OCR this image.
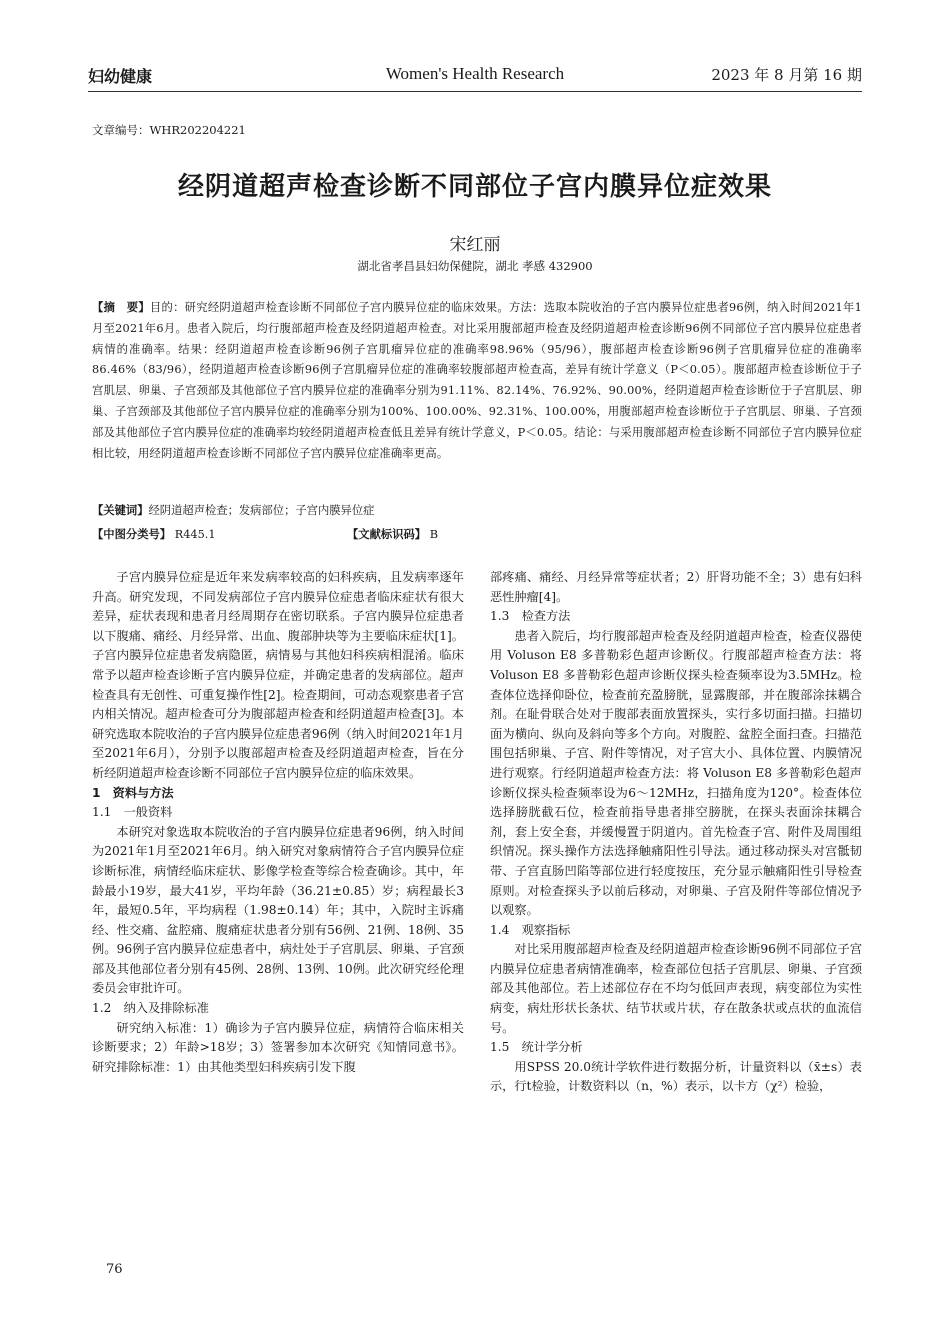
妇幼健康	Women's Health Research	2023 年 8 月第 16 期
文章编号：WHR202204221
经阴道超声检查诊断不同部位子宫内膜异位症效果
宋红丽
湖北省孝昌县妇幼保健院，湖北 孝感 432900
【摘　要】目的：研究经阴道超声检查诊断不同部位子宫内膜异位症的临床效果。方法：选取本院收治的子宫内膜异位症患者96例，纳入时间2021年1月至2021年6月。患者入院后，均行腹部超声检查及经阴道超声检查。对比采用腹部超声检查及经阴道超声检查诊断96例不同部位子宫内膜异位症患者病情的准确率。结果：经阴道超声检查诊断96例子宫肌瘤异位症的准确率98.96%（95/96），腹部超声检查诊断96例子宫肌瘤异位症的准确率86.46%（83/96），经阴道超声检查诊断96例子宫肌瘤异位症的准确率较腹部超声检查高，差异有统计学意义（P＜0.05）。腹部超声检查诊断位于子宫肌层、卵巢、子宫颈部及其他部位子宫内膜异位症的准确率分别为91.11%、82.14%、76.92%、90.00%，经阴道超声检查诊断位于子宫肌层、卵巢、子宫颈部及其他部位子宫内膜异位症的准确率分别为100%、100.00%、92.31%、100.00%，用腹部超声检查诊断位于子宫肌层、卵巢、子宫颈部及其他部位子宫内膜异位症的准确率均较经阴道超声检查低且差异有统计学意义，P＜0.05。结论：与采用腹部超声检查诊断不同部位子宫内膜异位症相比较，用经阴道超声检查诊断不同部位子宫内膜异位症准确率更高。
【关键词】经阴道超声检查；发病部位；子宫内膜异位症
【中图分类号】 R445.1	【文献标识码】 B

子宫内膜异位症是近年来发病率较高的妇科疾病，且发病率逐年升高。研究发现，不同发病部位子宫内膜异位症患者临床症状有很大差异，症状表现和患者月经周期存在密切联系。子宫内膜异位症患者以下腹痛、痛经、月经异常、出血、腹部肿块等为主要临床症状[1]。子宫内膜异位症患者发病隐匿，病情易与其他妇科疾病相混淆。临床常予以超声检查诊断子宫内膜异位症，并确定患者的发病部位。超声检查具有无创性、可重复操作性[2]。检查期间，可动态观察患者子宫内相关情况。超声检查可分为腹部超声检查和经阴道超声检查[3]。本研究选取本院收治的子宫内膜异位症患者96例（纳入时间2021年1月至2021年6月），分别予以腹部超声检查及经阴道超声检查，旨在分析经阴道超声检查诊断不同部位子宫内膜异位症的临床效果。

1　资料与方法

1.1　一般资料

本研究对象选取本院收治的子宫内膜异位症患者96例，纳入时间为2021年1月至2021年6月。纳入研究对象病情符合子宫内膜异位症诊断标准，病情经临床症状、影像学检查等综合检查确诊。其中，年龄最小19岁，最大41岁，平均年龄（36.21±0.85）岁；病程最长3年，最短0.5年，平均病程（1.98±0.14）年；其中，入院时主诉痛经、性交痛、盆腔痛、腹痛症状患者分别有56例、21例、18例、35例。96例子宫内膜异位症患者中，病灶处于子宫肌层、卵巢、子宫颈部及其他部位者分别有45例、28例、13例、10例。此次研究经伦理委员会审批许可。

1.2　纳入及排除标准

研究纳入标准：1）确诊为子宫内膜异位症，病情符合临床相关诊断要求；2）年龄>18岁；3）签署参加本次研究《知情同意书》。研究排除标准：1）由其他类型妇科疾病引发下腹

部疼痛、痛经、月经异常等症状者；2）肝肾功能不全；3）患有妇科恶性肿瘤[4]。

1.3　检查方法

患者入院后，均行腹部超声检查及经阴道超声检查，检查仪器使用 Voluson E8 多普勒彩色超声诊断仪。行腹部超声检查方法：将 Voluson E8 多普勒彩色超声诊断仪探头检查频率设为3.5MHz。检查体位选择仰卧位，检查前充盈膀胱，显露腹部，并在腹部涂抹耦合剂。在耻骨联合处对于腹部表面放置探头，实行多切面扫描。扫描切面为横向、纵向及斜向等多个方向。对腹腔、盆腔全面扫查。扫描范围包括卵巢、子宫、附件等情况，对子宫大小、具体位置、内膜情况进行观察。行经阴道超声检查方法：将 Voluson E8 多普勒彩色超声诊断仪探头检查频率设为6～12MHz，扫描角度为120°。检查体位选择膀胱截石位，检查前指导患者排空膀胱，在探头表面涂抹耦合剂，套上安全套，并缓慢置于阴道内。首先检查子宫、附件及周围组织情况。探头操作方法选择触痛阳性引导法。通过移动探头对宫骶韧带、子宫直肠凹陷等部位进行轻度按压，充分显示触痛阳性引导检查原则。对检查探头予以前后移动，对卵巢、子宫及附件等部位情况予以观察。

1.4　观察指标

对比采用腹部超声检查及经阴道超声检查诊断96例不同部位子宫内膜异位症患者病情准确率，检查部位包括子宫肌层、卵巢、子宫颈部及其他部位。若上述部位存在不均匀低回声表现，病变部位为实性病变，病灶形状长条状、结节状或片状，存在散条状或点状的血流信号。

1.5　统计学分析

用SPSS 20.0统计学软件进行数据分析，计量资料以（x̄±s）表示，行t检验，计数资料以（n，%）表示，以卡方（χ²）检验，

76
